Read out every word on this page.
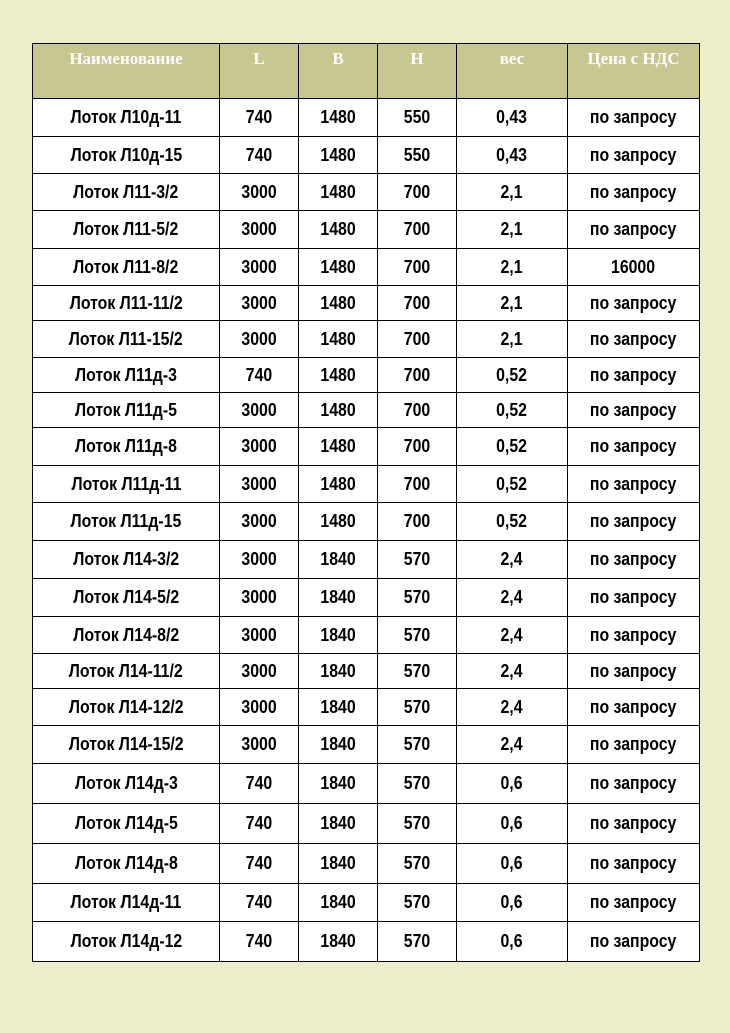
Наименование	L	B	H	вес	Цена с НДС
Лоток Л10д-11	740	1480	550	0,43	по запросу
Лоток Л10д-15	740	1480	550	0,43	по запросу
Лоток Л11-3/2	3000	1480	700	2,1	по запросу
Лоток Л11-5/2	3000	1480	700	2,1	по запросу
Лоток Л11-8/2	3000	1480	700	2,1	16000
Лоток Л11-11/2	3000	1480	700	2,1	по запросу
Лоток Л11-15/2	3000	1480	700	2,1	по запросу
Лоток Л11д-3	740	1480	700	0,52	по запросу
Лоток Л11д-5	3000	1480	700	0,52	по запросу
Лоток Л11д-8	3000	1480	700	0,52	по запросу
Лоток Л11д-11	3000	1480	700	0,52	по запросу
Лоток Л11д-15	3000	1480	700	0,52	по запросу
Лоток Л14-3/2	3000	1840	570	2,4	по запросу
Лоток Л14-5/2	3000	1840	570	2,4	по запросу
Лоток Л14-8/2	3000	1840	570	2,4	по запросу
Лоток Л14-11/2	3000	1840	570	2,4	по запросу
Лоток Л14-12/2	3000	1840	570	2,4	по запросу
Лоток Л14-15/2	3000	1840	570	2,4	по запросу
Лоток Л14д-3	740	1840	570	0,6	по запросу
Лоток Л14д-5	740	1840	570	0,6	по запросу
Лоток Л14д-8	740	1840	570	0,6	по запросу
Лоток Л14д-11	740	1840	570	0,6	по запросу
Лоток Л14д-12	740	1840	570	0,6	по запросу
